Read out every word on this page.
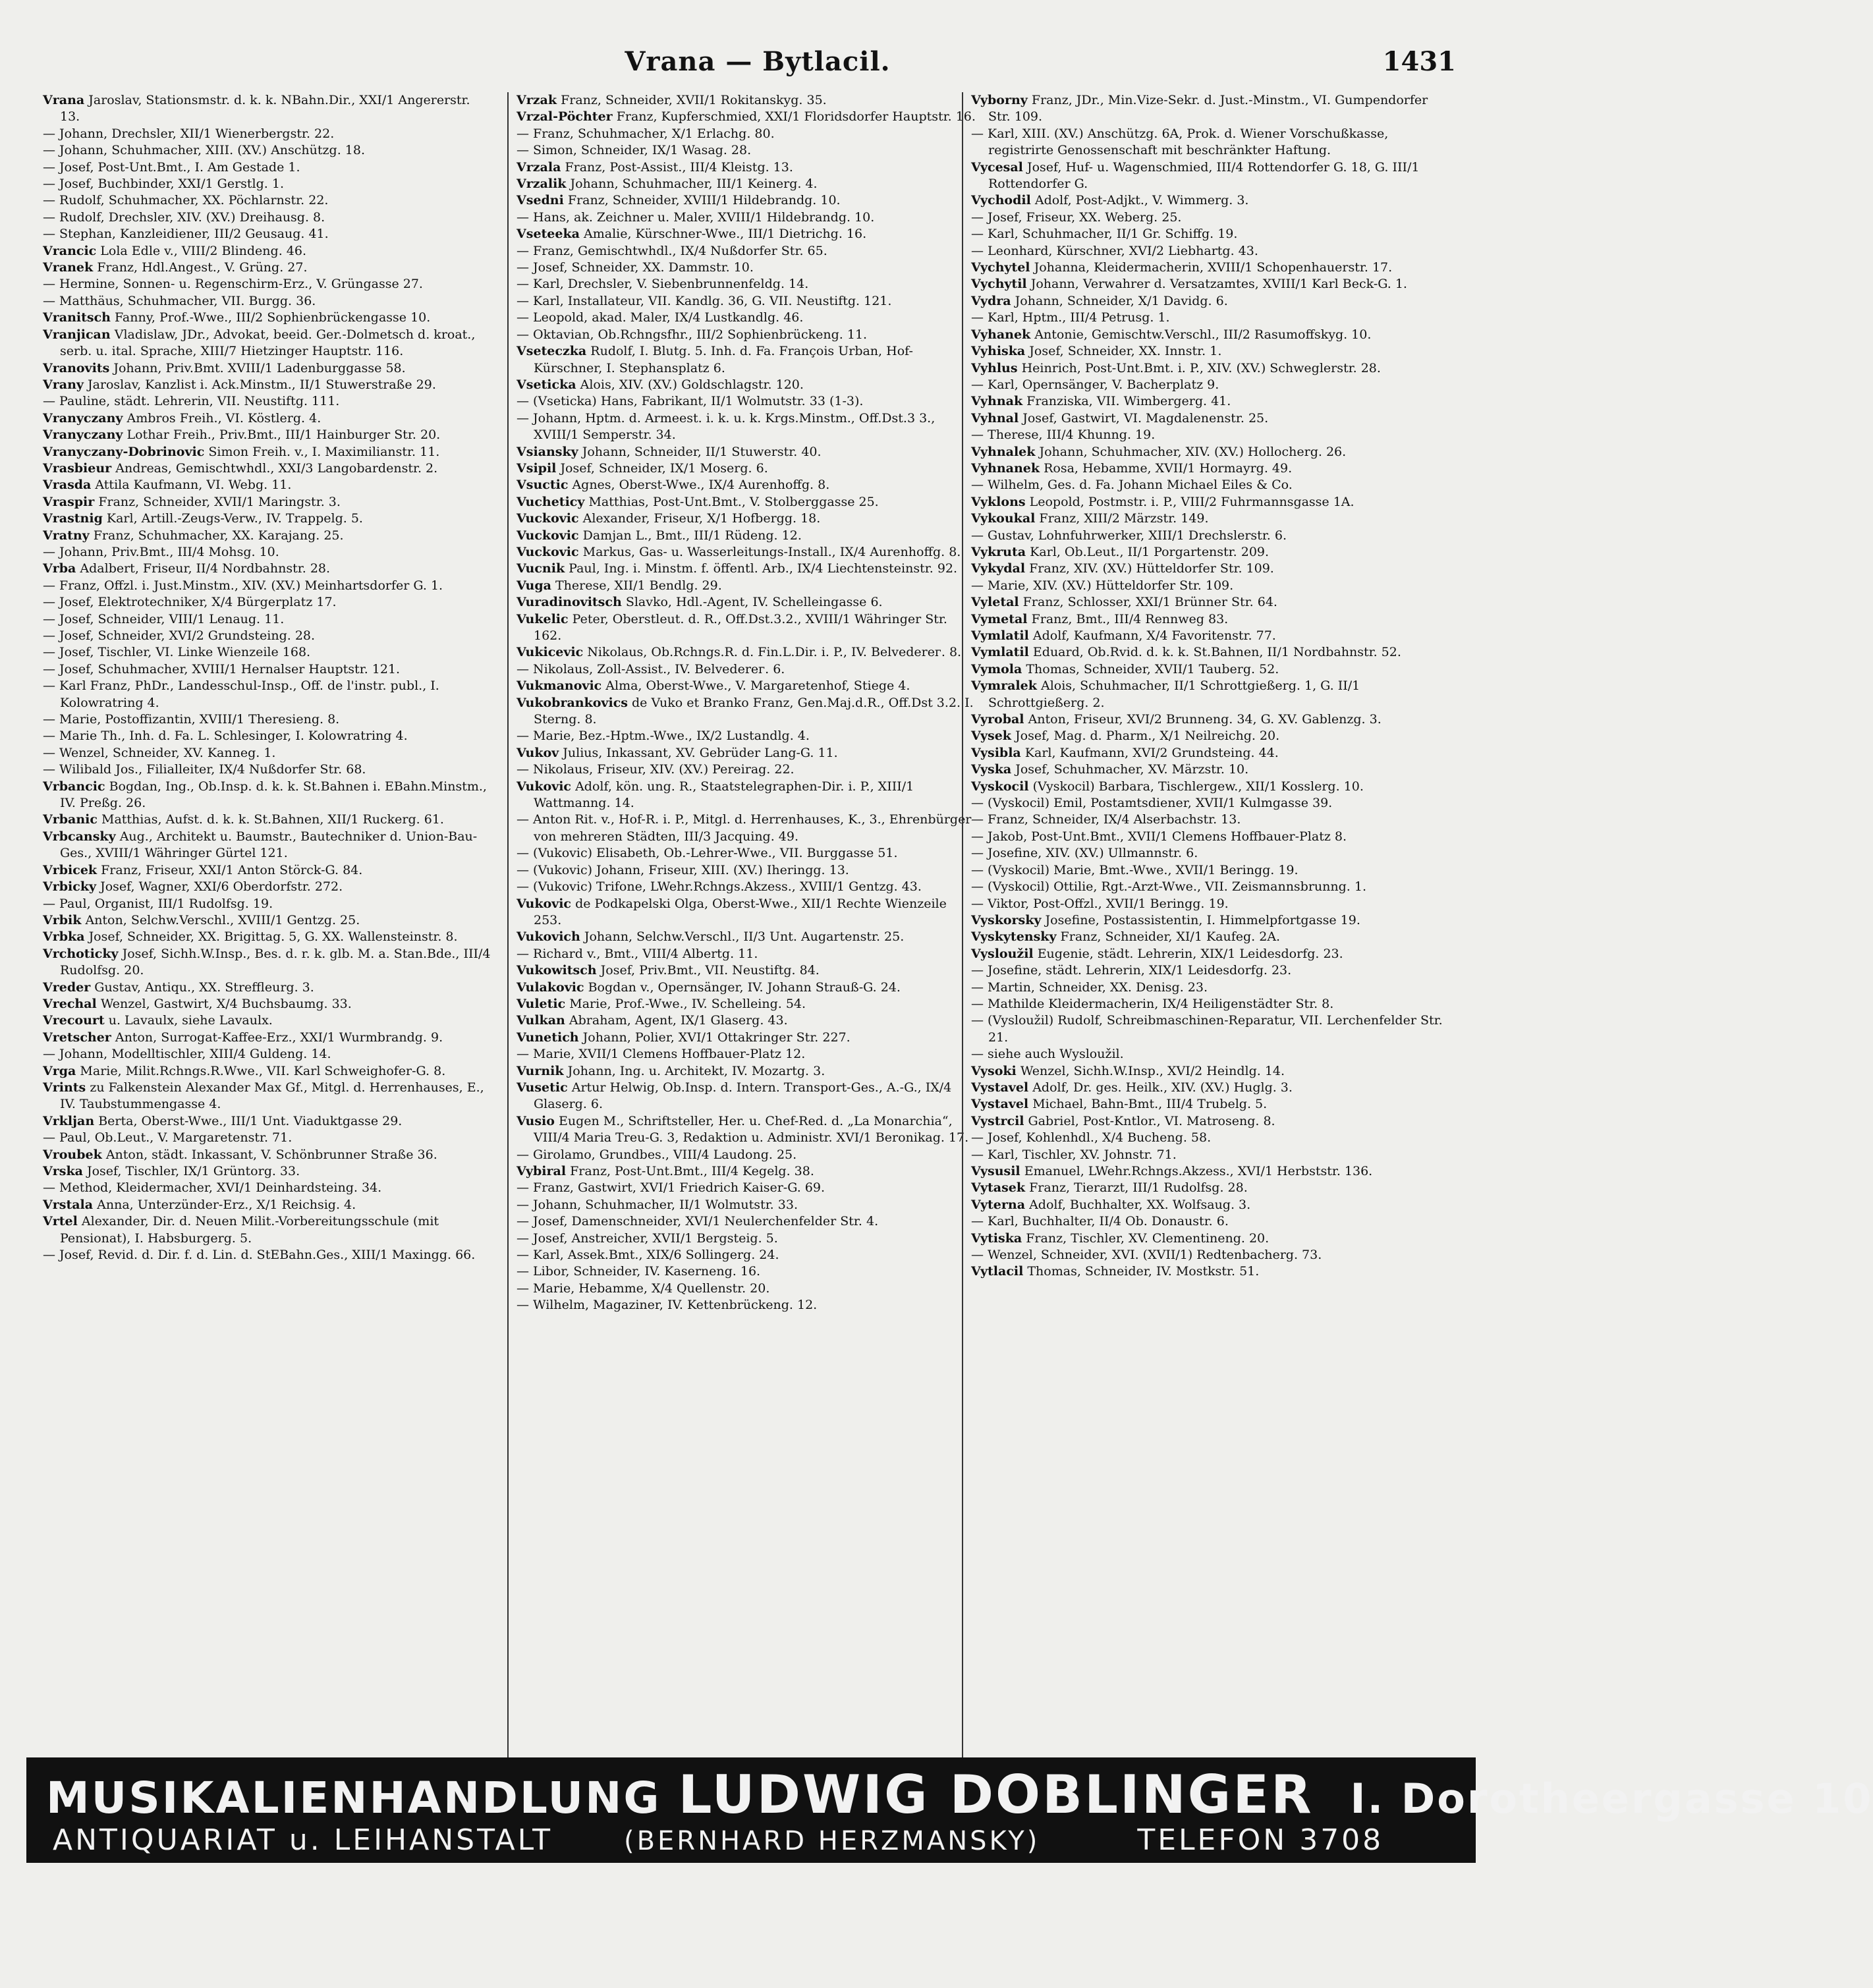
Vrana — Bytlacil.	1431
Vrana Jaroslav, Stationsmstr. d. k. k. NBahn.Dir., XXI/1 Angererstr. 13.
— Johann, Drechsler, XII/1 Wienerbergstr. 22.
— Johann, Schuhmacher, XIII. (XV.) Anschützg. 18.
— Josef, Post-Unt.Bmt., I. Am Gestade 1.
— Josef, Buchbinder, XXI/1 Gerstlg. 1.
— Rudolf, Schuhmacher, XX. Pöchlarnstr. 22.
— Rudolf, Drechsler, XIV. (XV.) Dreihausg. 8.
— Stephan, Kanzleidiener, III/2 Geusaug. 41.
Vrancic Lola Edle v., VIII/2 Blindeng. 46.
Vranek Franz, Hdl.Angest., V. Grüng. 27.
— Hermine, Sonnen- u. Regenschirm-Erz., V. Grüngasse 27.
— Matthäus, Schuhmacher, VII. Burgg. 36.
Vranitsch Fanny, Prof.-Wwe., III/2 Sophienbrückengasse 10.
Vranjican Vladislaw, JDr., Advokat, beeid. Ger.-Dolmetsch d. kroat., serb. u. ital. Sprache, XIII/7 Hietzinger Hauptstr. 116.
Vranovits Johann, Priv.Bmt. XVIII/1 Ladenburggasse 58.
Vrany Jaroslav, Kanzlist i. Ack.Minstm., II/1 Stuwerstraße 29.
— Pauline, städt. Lehrerin, VII. Neustiftg. 111.
Vranyczany Ambros Freih., VI. Köstlerg. 4.
Vranyczany Lothar Freih., Priv.Bmt., III/1 Hainburger Str. 20.
Vranyczany-Dobrinovic Simon Freih. v., I. Maximilianstr. 11.
Vrasbieur Andreas, Gemischtwhdl., XXI/3 Langobardenstr. 2.
Vrasda Attila Kaufmann, VI. Webg. 11.
Vraspir Franz, Schneider, XVII/1 Maringstr. 3.
Vrastnig Karl, Artill.-Zeugs-Verw., IV. Trappelg. 5.
Vratny Franz, Schuhmacher, XX. Karajang. 25.
— Johann, Priv.Bmt., III/4 Mohsg. 10.
Vrba Adalbert, Friseur, II/4 Nordbahnstr. 28.
— Franz, Offzl. i. Just.Minstm., XIV. (XV.) Meinhartsdorfer G. 1.
— Josef, Elektrotechniker, X/4 Bürgerplatz 17.
— Josef, Schneider, VIII/1 Lenaug. 11.
— Josef, Schneider, XVI/2 Grundsteing. 28.
— Josef, Tischler, VI. Linke Wienzeile 168.
— Josef, Schuhmacher, XVIII/1 Hernalser Hauptstr. 121.
— Karl Franz, PhDr., Landesschul-Insp., Off. de l'instr. publ., I. Kolowratring 4.
— Marie, Postoffizantin, XVIII/1 Theresieng. 8.
— Marie Th., Inh. d. Fa. L. Schlesinger, I. Kolowratring 4.
— Wenzel, Schneider, XV. Kanneg. 1.
— Wilibald Jos., Filialleiter, IX/4 Nußdorfer Str. 68.
Vrbancic Bogdan, Ing., Ob.Insp. d. k. k. St.Bahnen i. EBahn.Minstm., IV. Preßg. 26.
Vrbanic Matthias, Aufst. d. k. k. St.Bahnen, XII/1 Ruckerg. 61.
Vrbcansky Aug., Architekt u. Baumstr., Bautechniker d. Union-Bau-Ges., XVIII/1 Währinger Gürtel 121.
Vrbicek Franz, Friseur, XXI/1 Anton Störck-G. 84.
Vrbicky Josef, Wagner, XXI/6 Oberdorfstr. 272.
— Paul, Organist, III/1 Rudolfsg. 19.
Vrbik Anton, Selchw.Verschl., XVIII/1 Gentzg. 25.
Vrbka Josef, Schneider, XX. Brigittag. 5, G. XX. Wallensteinstr. 8.
Vrchoticky Josef, Sichh.W.Insp., Bes. d. r. k. glb. M. a. Stan.Bde., III/4 Rudolfsg. 20.
Vreder Gustav, Antiqu., XX. Streffleurg. 3.
Vrechal Wenzel, Gastwirt, X/4 Buchsbaumg. 33.
Vrecourt u. Lavaulx, siehe Lavaulx.
Vretscher Anton, Surrogat-Kaffee-Erz., XXI/1 Wurmbrandg. 9.
— Johann, Modelltischler, XIII/4 Guldeng. 14.
Vrga Marie, Milit.Rchngs.R.Wwe., VII. Karl Schweighofer-G. 8.
Vrints zu Falkenstein Alexander Max Gf., Mitgl. d. Herrenhauses, E., IV. Taubstummengasse 4.
Vrkljan Berta, Oberst-Wwe., III/1 Unt. Viaduktgasse 29.
— Paul, Ob.Leut., V. Margaretenstr. 71.
Vroubek Anton, städt. Inkassant, V. Schönbrunner Straße 36.
Vrska Josef, Tischler, IX/1 Grüntorg. 33.
— Method, Kleidermacher, XVI/1 Deinhardsteing. 34.
Vrstala Anna, Unterzünder-Erz., X/1 Reichsig. 4.
Vrtel Alexander, Dir. d. Neuen Milit.-Vorbereitungsschule (mit Pensionat), I. Habsburgerg. 5.
— Josef, Revid. d. Dir. f. d. Lin. d. StEBahn.Ges., XIII/1 Maxingg. 66.
Vrzak Franz, Schneider, XVII/1 Rokitanskyg. 35.
Vrzal-Pöchter Franz, Kupferschmied, XXI/1 Floridsdorfer Hauptstr. 16.
— Franz, Schuhmacher, X/1 Erlachg. 80.
— Simon, Schneider, IX/1 Wasag. 28.
Vrzala Franz, Post-Assist., III/4 Kleistg. 13.
Vrzalik Johann, Schuhmacher, III/1 Keinerg. 4.
Vsedni Franz, Schneider, XVIII/1 Hildebrandg. 10.
— Hans, ak. Zeichner u. Maler, XVIII/1 Hildebrandg. 10.
Vseteeka Amalie, Kürschner-Wwe., III/1 Dietrichg. 16.
— Franz, Gemischtwhdl., IX/4 Nußdorfer Str. 65.
— Josef, Schneider, XX. Dammstr. 10.
— Karl, Drechsler, V. Siebenbrunnenfeldg. 14.
— Karl, Installateur, VII. Kandlg. 36, G. VII. Neustiftg. 121.
— Leopold, akad. Maler, IX/4 Lustkandlg. 46.
— Oktavian, Ob.Rchngsfhr., III/2 Sophienbrückeng. 11.
Vseteczka Rudolf, I. Blutg. 5. Inh. d. Fa. François Urban, Hof-Kürschner, I. Stephansplatz 6.
Vseticka Alois, XIV. (XV.) Goldschlagstr. 120.
— (Vseticka) Hans, Fabrikant, II/1 Wolmutstr. 33 (1-3).
— Johann, Hptm. d. Armeest. i. k. u. k. Krgs.Minstm., Off.Dst.3 3., XVIII/1 Semperstr. 34.
Vsiansky Johann, Schneider, II/1 Stuwerstr. 40.
Vsipil Josef, Schneider, IX/1 Moserg. 6.
Vsuctic Agnes, Oberst-Wwe., IX/4 Aurenhoffg. 8.
Vucheticy Matthias, Post-Unt.Bmt., V. Stolberggasse 25.
Vuckovic Alexander, Friseur, X/1 Hofbergg. 18.
Vuckovic Damjan L., Bmt., III/1 Rüdeng. 12.
Vuckovic Markus, Gas- u. Wasserleitungs-Install., IX/4 Aurenhoffg. 8.
Vucnik Paul, Ing. i. Minstm. f. öffentl. Arb., IX/4 Liechtensteinstr. 92.
Vuga Therese, XII/1 Bendlg. 29.
Vuradinovitsch Slavko, Hdl.-Agent, IV. Schelleingasse 6.
Vukelic Peter, Oberstleut. d. R., Off.Dst.3.2., XVIII/1 Währinger Str. 162.
Vukicevic Nikolaus, Ob.Rchngs.R. d. Fin.L.Dir. i. P., IV. Belvederег. 8.
— Nikolaus, Zoll-Assist., IV. Belvederег. 6.
Vukmanovic Alma, Oberst-Wwe., V. Margaretenhof, Stiege 4.
Vukobrankovics de Vuko et Branko Franz, Gen.Maj.d.R., Off.Dst 3.2. I. Sterng. 8.
— Marie, Bez.-Hptm.-Wwe., IX/2 Lustandlg. 4.
Vukov Julius, Inkassant, XV. Gebrüder Lang-G. 11.
— Nikolaus, Friseur, XIV. (XV.) Pereirag. 22.
Vukovic Adolf, kön. ung. R., Staatstelegraphen-Dir. i. P., XIII/1 Wattmanng. 14.
— Anton Rit. v., Hof-R. i. P., Mitgl. d. Herrenhauses, K., 3., Ehrenbürger von mehreren Städten, III/3 Jacquing. 49.
— (Vukovic) Elisabeth, Ob.-Lehrer-Wwe., VII. Burggasse 51.
— (Vukovic) Johann, Friseur, XIII. (XV.) Iheringg. 13.
— (Vukovic) Trifone, LWehr.Rchngs.Akzess., XVIII/1 Gentzg. 43.
Vukovic de Podkapelski Olga, Oberst-Wwe., XII/1 Rechte Wienzeile 253.
Vukovich Johann, Selchw.Verschl., II/3 Unt. Augartenstr. 25.
— Richard v., Bmt., VIII/4 Albertg. 11.
Vukowitsch Josef, Priv.Bmt., VII. Neustiftg. 84.
Vulakovic Bogdan v., Opernsänger, IV. Johann Strauß-G. 24.
Vuletic Marie, Prof.-Wwe., IV. Schelleing. 54.
Vulkan Abraham, Agent, IX/1 Glaserg. 43.
Vunetich Johann, Polier, XVI/1 Ottakringer Str. 227.
— Marie, XVII/1 Clemens Hoffbauer-Platz 12.
Vurnik Johann, Ing. u. Architekt, IV. Mozartg. 3.
Vusetic Artur Helwig, Ob.Insp. d. Intern. Transport-Ges., A.-G., IX/4 Glaserg. 6.
Vusio Eugen M., Schriftsteller, Her. u. Chef-Red. d. „La Monarchia“, VIII/4 Maria Treu-G. 3, Redaktion u. Administr. XVI/1 Beronikag. 17.
— Girolamo, Grundbes., VIII/4 Laudong. 25.
Vybiral Franz, Post-Unt.Bmt., III/4 Kegelg. 38.
— Franz, Gastwirt, XVI/1 Friedrich Kaiser-G. 69.
— Johann, Schuhmacher, II/1 Wolmutstr. 33.
— Josef, Damenschneider, XVI/1 Neulerchenfelder Str. 4.
— Josef, Anstreicher, XVII/1 Bergsteig. 5.
— Karl, Assek.Bmt., XIX/6 Sollingerg. 24.
— Libor, Schneider, IV. Kaserneng. 16.
— Marie, Hebamme, X/4 Quellenstr. 20.
— Wilhelm, Magaziner, IV. Kettenbrückeng. 12.
Vyborny Franz, JDr., Min.Vize-Sekr. d. Just.-Minstm., VI. Gumpendorfer Str. 109.
— Karl, XIII. (XV.) Anschützg. 6A, Prok. d. Wiener Vorschußkasse, registrirte Genossenschaft mit beschränkter Haftung.
Vycesal Josef, Huf- u. Wagenschmied, III/4 Rottendorfer G. 18, G. III/1 Rottendorfer G.
Vychodil Adolf, Post-Adjkt., V. Wimmerg. 3.
— Josef, Friseur, XX. Weberg. 25.
— Karl, Schuhmacher, II/1 Gr. Schiffg. 19.
— Leonhard, Kürschner, XVI/2 Liebhartg. 43.
Vychytel Johanna, Kleidermacherin, XVIII/1 Schopenhauerstr. 17.
Vychytil Johann, Verwahrer d. Versatzamtes, XVIII/1 Karl Beck-G. 1.
Vydra Johann, Schneider, X/1 Davidg. 6.
— Karl, Hptm., III/4 Petrusg. 1.
Vyhanek Antonie, Gemischtw.Verschl., III/2 Rasumoffskyg. 10.
Vyhiska Josef, Schneider, XX. Innstr. 1.
Vyhlus Heinrich, Post-Unt.Bmt. i. P., XIV. (XV.) Schweglerstr. 28.
— Karl, Opernsänger, V. Bacherplatz 9.
Vyhnak Franziska, VII. Wimbergerg. 41.
Vyhnal Josef, Gastwirt, VI. Magdalenenstr. 25.
— Therese, III/4 Khunng. 19.
Vyhnalek Johann, Schuhmacher, XIV. (XV.) Hollocherg. 26.
Vyhnanek Rosa, Hebamme, XVII/1 Hormayrg. 49.
— Wilhelm, Ges. d. Fa. Johann Michael Eiles & Co.
Vyklons Leopold, Postmstr. i. P., VIII/2 Fuhrmannsgasse 1A.
Vykoukal Franz, XIII/2 Märzstr. 149.
— Gustav, Lohnfuhrwerker, XIII/1 Drechslerstr. 6.
Vykruta Karl, Ob.Leut., II/1 Porgartenstr. 209.
Vykydal Franz, XIV. (XV.) Hütteldorfer Str. 109.
— Marie, XIV. (XV.) Hütteldorfer Str. 109.
Vyletal Franz, Schlosser, XXI/1 Brünner Str. 64.
Vymetal Franz, Bmt., III/4 Rennweg 83.
Vymlatil Adolf, Kaufmann, X/4 Favoritenstr. 77.
Vymlatil Eduard, Ob.Rvid. d. k. k. St.Bahnen, II/1 Nordbahnstr. 52.
Vymola Thomas, Schneider, XVII/1 Tauberg. 52.
Vymralek Alois, Schuhmacher, II/1 Schrottgießerg. 1, G. II/1 Schrottgießerg. 2.
Vyrobal Anton, Friseur, XVI/2 Brunneng. 34, G. XV. Gablenzg. 3.
Vysek Josef, Mag. d. Pharm., X/1 Neilreichg. 20.
Vysibla Karl, Kaufmann, XVI/2 Grundsteing. 44.
Vyska Josef, Schuhmacher, XV. Märzstr. 10.
Vyskocil (Vyskocil) Barbara, Tischlergew., XII/1 Kosslerg. 10.
— (Vyskocil) Emil, Postamtsdiener, XVII/1 Kulmgasse 39.
— Franz, Schneider, IX/4 Alserbachstr. 13.
— Jakob, Post-Unt.Bmt., XVII/1 Clemens Hoffbauer-Platz 8.
— Josefine, XIV. (XV.) Ullmannstr. 6.
— (Vyskocil) Marie, Bmt.-Wwe., XVII/1 Beringg. 19.
— (Vyskocil) Ottilie, Rgt.-Arzt-Wwe., VII. Zeismannsbrunng. 1.
— Viktor, Post-Offzl., XVII/1 Beringg. 19.
Vyskorsky Josefine, Postassistentin, I. Himmelpfortgasse 19.
Vyskytensky Franz, Schneider, XI/1 Kaufeg. 2A.
Vysloužil Eugenie, städt. Lehrerin, XIX/1 Leidesdorfg. 23.
— Josefine, städt. Lehrerin, XIX/1 Leidesdorfg. 23.
— Martin, Schneider, XX. Denisg. 23.
— Mathilde Kleidermacherin, IX/4 Heiligenstädter Str. 8.
— (Vysloužil) Rudolf, Schreibmaschinen-Reparatur, VII. Lerchenfelder Str. 21.
— siehe auch Wysloužil.
Vysoki Wenzel, Sichh.W.Insp., XVI/2 Heindlg. 14.
Vystavel Adolf, Dr. ges. Heilk., XIV. (XV.) Huglg. 3.
Vystavel Michael, Bahn-Bmt., III/4 Trubelg. 5.
Vystrcil Gabriel, Post-Kntlor., VI. Matrosеng. 8.
— Josef, Kohlenhdl., X/4 Bucheng. 58.
— Karl, Tischler, XV. Johnstr. 71.
Vysusil Emanuel, LWehr.Rchngs.Akzess., XVI/1 Herbststr. 136.
Vytasek Franz, Tierarzt, III/1 Rudolfsg. 28.
Vyterna Adolf, Buchhalter, XX. Wolfsaug. 3.
— Karl, Buchhalter, II/4 Ob. Donaustr. 6.
Vytiska Franz, Tischler, XV. Clementineng. 20.
— Wenzel, Schneider, XVI. (XVII/1) Redtenbacherg. 73.
Vytlacil Thomas, Schneider, IV. Mostkstr. 51.
MUSIKALIENHANDLUNG LUDWIG DOBLINGER I. Dorotheergasse 10
ANTIQUARIAT u. LEIHANSTALT	(BERNHARD HERZMANSKY)	TELEFON 3708
